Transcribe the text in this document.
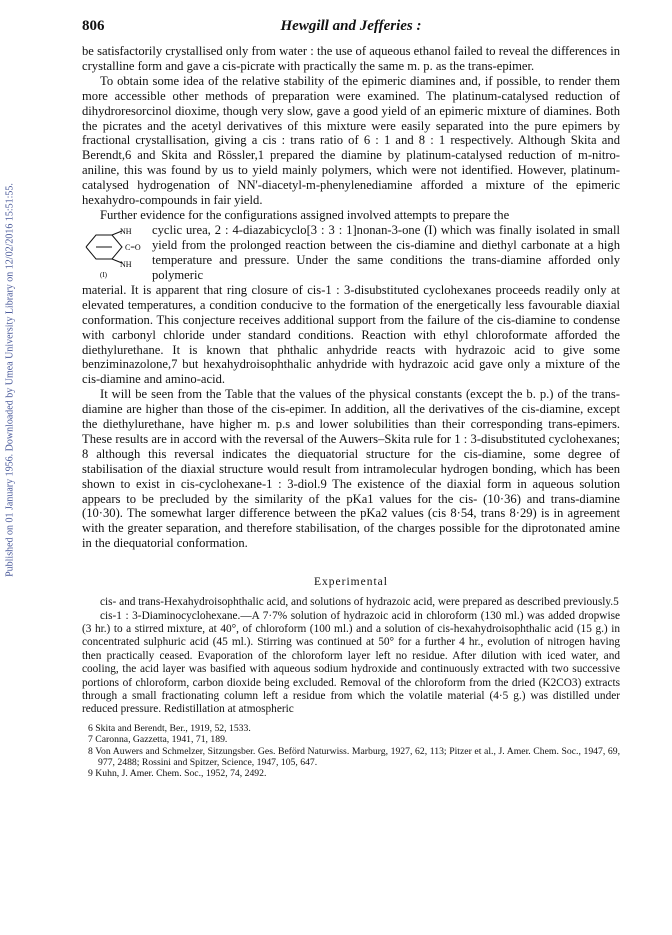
806	Hewgill and Jefferies :
Published on 01 January 1956. Downloaded by Umea University Library on 12/02/2016 15:51:55.

be satisfactorily crystallised only from water : the use of aqueous ethanol failed to reveal the differences in crystalline form and gave a cis-picrate with practically the same m. p. as the trans-epimer.

To obtain some idea of the relative stability of the epimeric diamines and, if possible, to render them more accessible other methods of preparation were examined. The platinum-catalysed reduction of dihydroresorcinol dioxime, though very slow, gave a good yield of an epimeric mixture of diamines. Both the picrates and the acetyl derivatives of this mixture were easily separated into the pure epimers by fractional crystallisation, giving a cis : trans ratio of 6 : 1 and 8 : 1 respectively. Although Skita and Berendt,6 and Skita and Rössler,1 prepared the diamine by platinum-catalysed reduction of m-nitro-aniline, this was found by us to yield mainly polymers, which were not identified. However, platinum-catalysed hydrogenation of NN'-diacetyl-m-phenylenediamine afforded a mixture of the epimeric hexahydro-compounds in fair yield.

Further evidence for the configurations assigned involved attempts to prepare the

NH
C=O
NH
(I)

cyclic urea, 2 : 4-diazabicyclo[3 : 3 : 1]nonan-3-one (I) which was finally isolated in small yield from the prolonged reaction between the cis-diamine and diethyl carbonate at a high temperature and pressure. Under the same conditions the trans-diamine afforded only polymeric

material. It is apparent that ring closure of cis-1 : 3-disubstituted cyclohexanes proceeds readily only at elevated temperatures, a condition conducive to the formation of the energetically less favourable diaxial conformation. This conjecture receives additional support from the failure of the cis-diamine to condense with carbonyl chloride under standard conditions. Reaction with ethyl chloroformate afforded the diethylurethane. It is known that phthalic anhydride reacts with hydrazoic acid to give some benziminazolone,7 but hexahydroisophthalic anhydride with hydrazoic acid gave only a mixture of the cis-diamine and amino-acid.

It will be seen from the Table that the values of the physical constants (except the b. p.) of the trans-diamine are higher than those of the cis-epimer. In addition, all the derivatives of the cis-diamine, except the diethylurethane, have higher m. p.s and lower solubilities than their corresponding trans-epimers. These results are in accord with the reversal of the Auwers–Skita rule for 1 : 3-disubstituted cyclohexanes; 8 although this reversal indicates the diequatorial structure for the cis-diamine, some degree of stabilisation of the diaxial structure would result from intramolecular hydrogen bonding, which has been shown to exist in cis-cyclohexane-1 : 3-diol.9 The existence of the diaxial form in aqueous solution appears to be precluded by the similarity of the pKa1 values for the cis- (10·36) and trans-diamine (10·30). The somewhat larger difference between the pKa2 values (cis 8·54, trans 8·29) is in agreement with the greater separation, and therefore stabilisation, of the charges possible for the diprotonated amine in the diequatorial conformation.

Experimental

cis- and trans-Hexahydroisophthalic acid, and solutions of hydrazoic acid, were prepared as described previously.5

cis-1 : 3-Diaminocyclohexane.—A 7·7% solution of hydrazoic acid in chloroform (130 ml.) was added dropwise (3 hr.) to a stirred mixture, at 40°, of chloroform (100 ml.) and a solution of cis-hexahydroisophthalic acid (15 g.) in concentrated sulphuric acid (45 ml.). Stirring was continued at 50° for a further 4 hr., evolution of nitrogen having then practically ceased. Evaporation of the chloroform layer left no residue. After dilution with iced water, and cooling, the acid layer was basified with aqueous sodium hydroxide and continuously extracted with two successive portions of chloroform, carbon dioxide being excluded. Removal of the chloroform from the dried (K2CO3) extracts through a small fractionating column left a residue from which the volatile material (4·5 g.) was distilled under reduced pressure. Redistillation at atmospheric

6 Skita and Berendt, Ber., 1919, 52, 1533.

7 Caronna, Gazzetta, 1941, 71, 189.

8 Von Auwers and Schmelzer, Sitzungsber. Ges. Beförd Naturwiss. Marburg, 1927, 62, 113; Pitzer et al., J. Amer. Chem. Soc., 1947, 69, 977, 2488; Rossini and Spitzer, Science, 1947, 105, 647.

9 Kuhn, J. Amer. Chem. Soc., 1952, 74, 2492.
